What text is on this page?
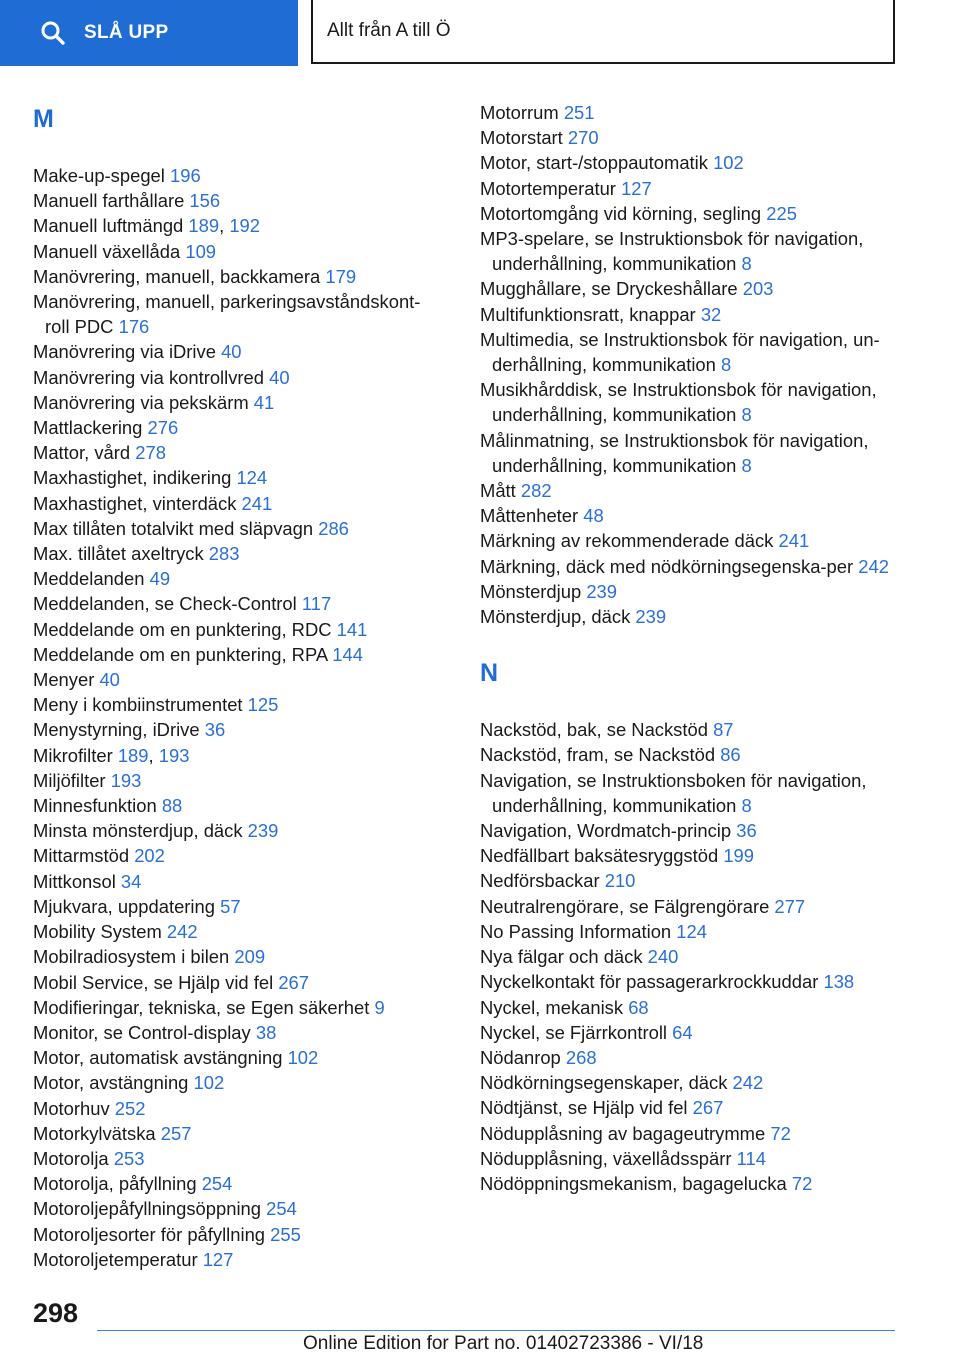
SLÅ UPP	Allt från A till Ö
M
Make-up-spegel 196
Manuell farthållare 156
Manuell luftmängd 189, 192
Manuell växellåda 109
Manövrering, manuell, backkamera 179
Manövrering, manuell, parkeringsavståndskont-roll PDC 176
Manövrering via iDrive 40
Manövrering via kontrollvred 40
Manövrering via pekskärm 41
Mattlackering 276
Mattor, vård 278
Maxhastighet, indikering 124
Maxhastighet, vinterdäck 241
Max tillåten totalvikt med släpvagn 286
Max. tillåtet axeltryck 283
Meddelanden 49
Meddelanden, se Check-Control 117
Meddelande om en punktering, RDC 141
Meddelande om en punktering, RPA 144
Menyer 40
Meny i kombiinstrumentet 125
Menystyrning, iDrive 36
Mikrofilter 189, 193
Miljöfilter 193
Minnesfunktion 88
Minsta mönsterdjup, däck 239
Mittarmstöd 202
Mittkonsol 34
Mjukvara, uppdatering 57
Mobility System 242
Mobilradiosystem i bilen 209
Mobil Service, se Hjälp vid fel 267
Modifieringar, tekniska, se Egen säkerhet 9
Monitor, se Control-display 38
Motor, automatisk avstängning 102
Motor, avstängning 102
Motorhuv 252
Motorkylvätska 257
Motorolja 253
Motorolja, påfyllning 254
Motoroljepåfyllningsöppning 254
Motoroljesorter för påfyllning 255
Motoroljetemperatur 127
Motorrum 251
Motorstart 270
Motor, start-/stoppautomatik 102
Motortemperatur 127
Motortomgång vid körning, segling 225
MP3-spelare, se Instruktionsbok för navigation, underhållning, kommunikation 8
Mugghållare, se Dryckeshållare 203
Multifunktionsratt, knappar 32
Multimedia, se Instruktionsbok för navigation, un-derhållning, kommunikation 8
Musikhårddisk, se Instruktionsbok för navigation, underhållning, kommunikation 8
Målinmatning, se Instruktionsbok för navigation, underhållning, kommunikation 8
Mått 282
Måttenheter 48
Märkning av rekommenderade däck 241
Märkning, däck med nödkörningsegenska-per 242
Mönsterdjup 239
Mönsterdjup, däck 239
N
Nackstöd, bak, se Nackstöd 87
Nackstöd, fram, se Nackstöd 86
Navigation, se Instruktionsboken för navigation, underhållning, kommunikation 8
Navigation, Wordmatch-princip 36
Nedfällbart baksätesryggstöd 199
Nedförsbackar 210
Neutralrengörare, se Fälgrengörare 277
No Passing Information 124
Nya fälgar och däck 240
Nyckelkontakt för passagerarkrockkuddar 138
Nyckel, mekanisk 68
Nyckel, se Fjärrkontroll 64
Nödanrop 268
Nödkörningsegenskaper, däck 242
Nödtjänst, se Hjälp vid fel 267
Nödupplåsning av bagageutrymme 72
Nödupplåsning, växellådsspärr 114
Nödöppningsmekanism, bagagelucka 72
298
Online Edition for Part no. 01402723386 - VI/18
